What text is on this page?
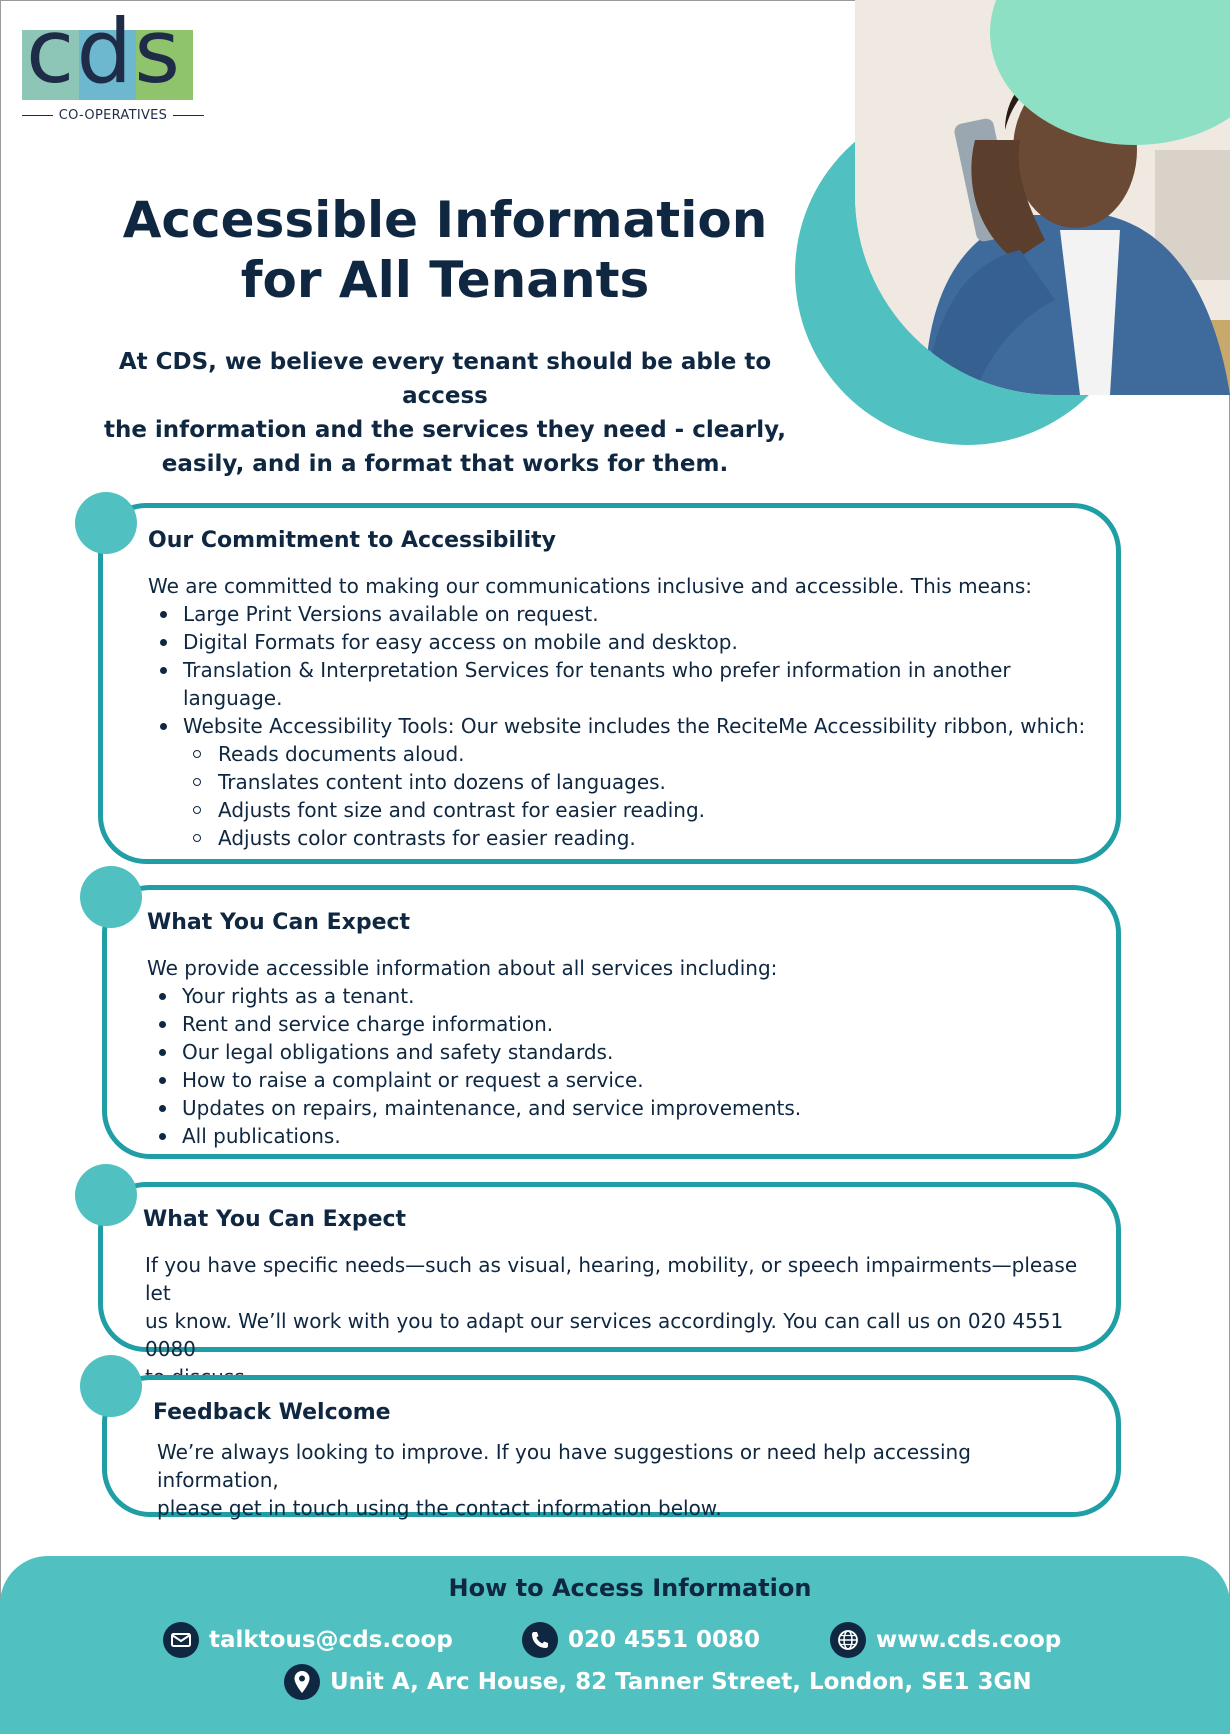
cds
CO-OPERATIVES
Accessible Information
for All Tenants

At CDS, we believe every tenant should be able to access
the information and the services they need - clearly,
easily, and in a format that works for them.

Our Commitment to Accessibility

We are committed to making our communications inclusive and accessible. This means:

Large Print Versions available on request.
Digital Formats for easy access on mobile and desktop.
Translation & Interpretation Services for tenants who prefer information in another
language.
Website Accessibility Tools: Our website includes the ReciteMe Accessibility ribbon, which:
Reads documents aloud.
Translates content into dozens of languages.
Adjusts font size and contrast for easier reading.
Adjusts color contrasts for easier reading.
What You Can Expect

We provide accessible information about all services including:

Your rights as a tenant.
Rent and service charge information.
Our legal obligations and safety standards.
How to raise a complaint or request a service.
Updates on repairs, maintenance, and service improvements.
All publications.
What You Can Expect

If you have specific needs—such as visual, hearing, mobility, or speech impairments—please let
us know. We’ll work with you to adapt our services accordingly. You can call us on 020 4551 0080

Feedback Welcome

We’re always looking to improve. If you have suggestions or need help accessing information,
please get in touch using the contact information below.

How to Access Information
talktous@cds.coop	020 4551 0080	www.cds.coop
Unit A, Arc House, 82 Tanner Street, London, SE1 3GN
